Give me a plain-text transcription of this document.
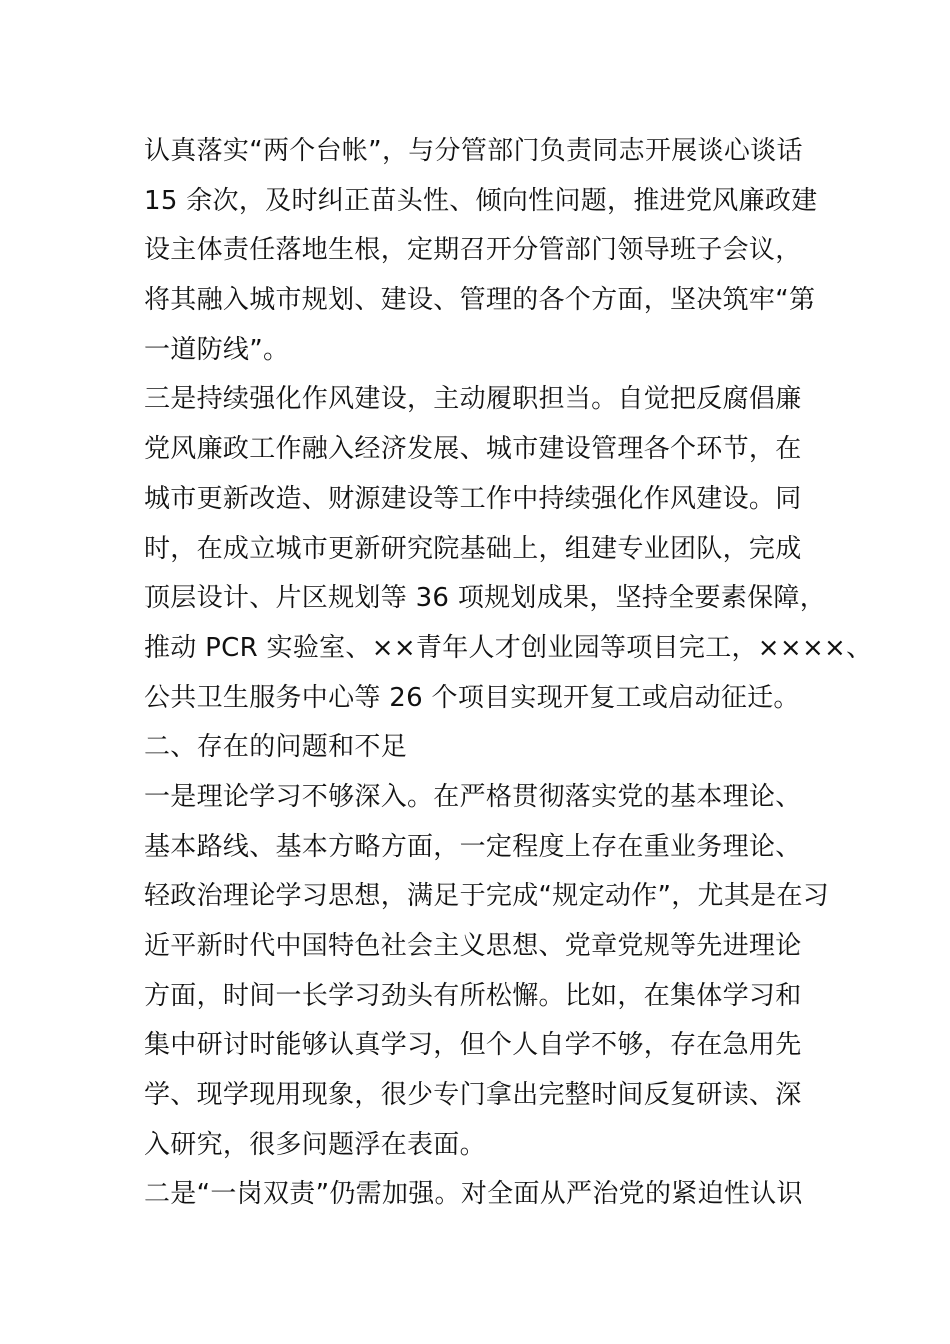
认真落实“两个台帐”，与分管部门负责同志开展谈心谈话
15 余次，及时纠正苗头性、倾向性问题，推进党风廉政建
设主体责任落地生根，定期召开分管部门领导班子会议，
将其融入城市规划、建设、管理的各个方面，坚决筑牢“第
一道防线”。
三是持续强化作风建设，主动履职担当。自觉把反腐倡廉
党风廉政工作融入经济发展、城市建设管理各个环节，在
城市更新改造、财源建设等工作中持续强化作风建设。同
时，在成立城市更新研究院基础上，组建专业团队，完成
顶层设计、片区规划等 36 项规划成果，坚持全要素保障，
推动 PCR 实验室、××青年人才创业园等项目完工，××××、
公共卫生服务中心等 26 个项目实现开复工或启动征迁。
二、存在的问题和不足
一是理论学习不够深入。在严格贯彻落实党的基本理论、
基本路线、基本方略方面，一定程度上存在重业务理论、
轻政治理论学习思想，满足于完成“规定动作”，尤其是在习
近平新时代中国特色社会主义思想、党章党规等先进理论
方面，时间一长学习劲头有所松懈。比如，在集体学习和
集中研讨时能够认真学习，但个人自学不够，存在急用先
学、现学现用现象，很少专门拿出完整时间反复研读、深
入研究，很多问题浮在表面。
二是“一岗双责”仍需加强。对全面从严治党的紧迫性认识
